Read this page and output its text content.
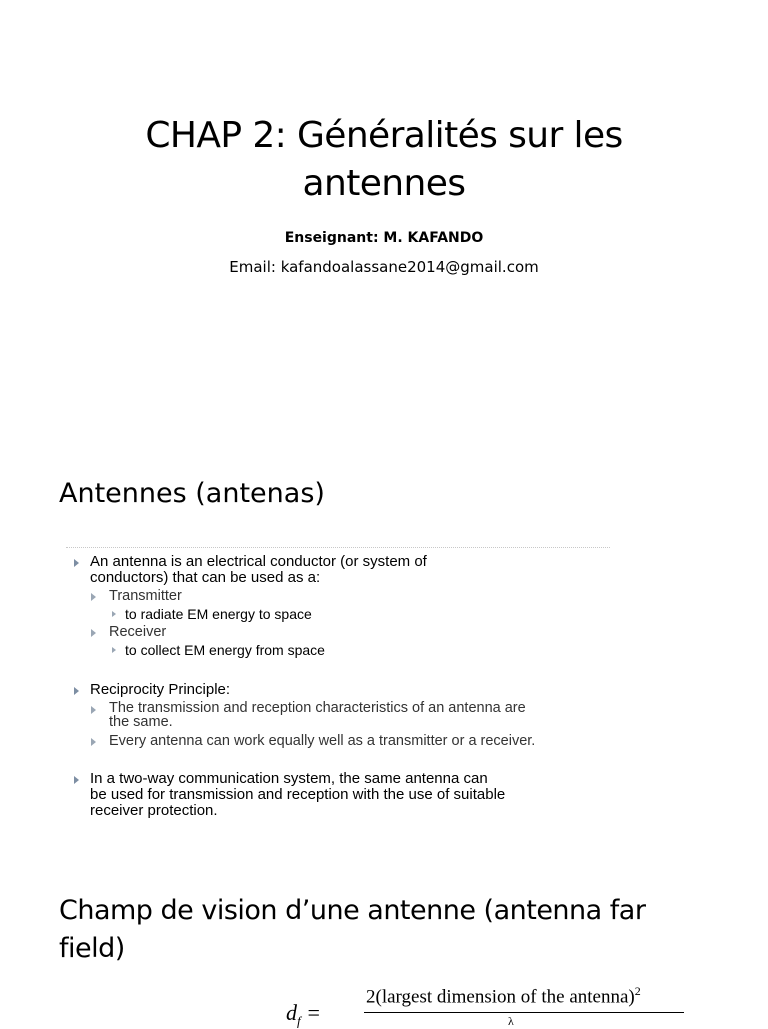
CHAP 2: Généralités sur les
antennes
Enseignant: M. KAFANDO
Email: kafandoalassane2014@gmail.com
Antennes (antenas)
An antenna is an electrical conductor (or system of
conductors) that can be used as a:
Transmitter
to radiate EM energy to space
Receiver
to collect EM energy from space
Reciprocity Principle:
The transmission and reception characteristics of an antenna are
the same.
Every antenna can work equally well as a transmitter or a receiver.
In a two-way communication system, the same antenna can
be used for transmission and reception with the use of suitable
receiver protection.
Champ de vision d’une antenne (antenna far
field)
$d_f$ =
2(largest dimension of the antenna)$^2$
λ
